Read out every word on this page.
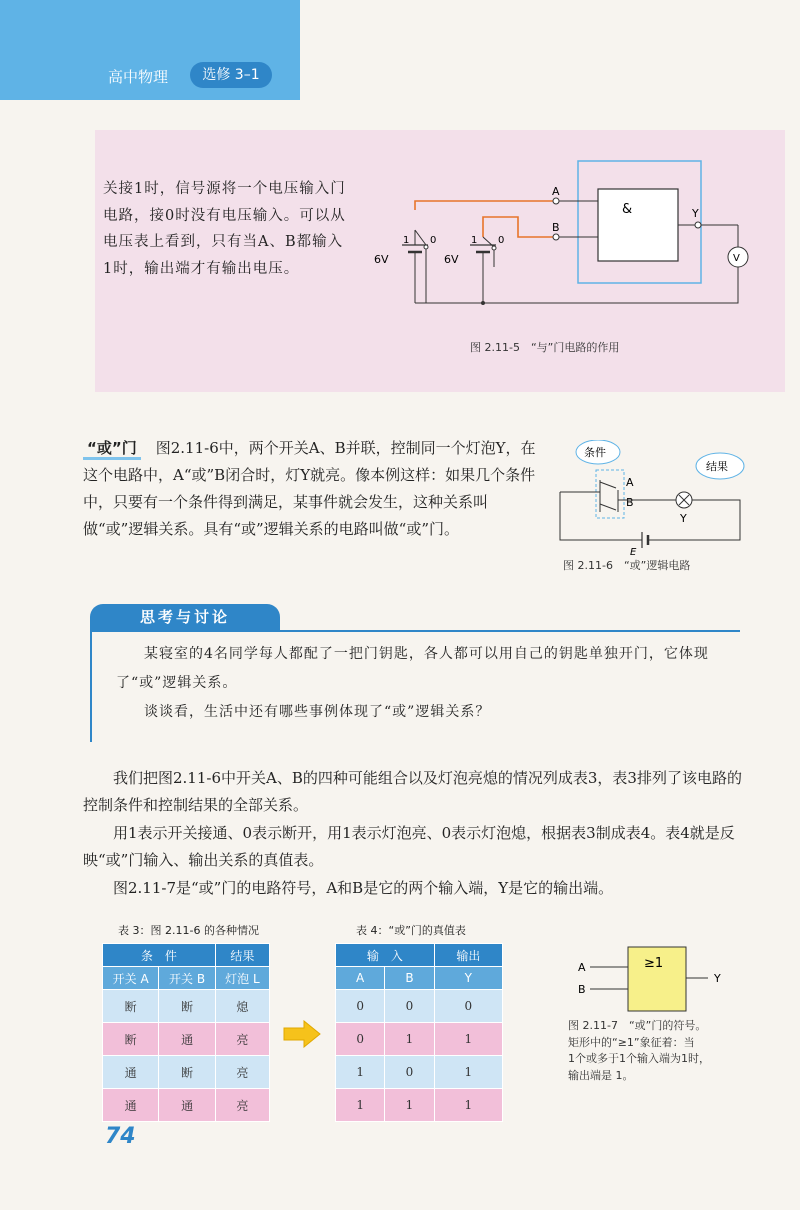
高中物理	选修 3–1
关接1时，信号源将一个电压输入门电路，接0时没有电压输入。可以从电压表上看到，只有当A、B都输入1时，输出端才有输出电压。
&
A
B
Y
V
6V
1 0
6V
1 0
图 2.11-5　“与”门电路的作用
“或”门　 图2.11-6中，两个开关A、B并联，控制同一个灯泡Y，在这个电路中，A“或”B闭合时，灯Y就亮。像本例这样：如果几个条件中，只要有一个条件得到满足，某事件就会发生，这种关系叫做“或”逻辑关系。具有“或”逻辑关系的电路叫做“或”门。
条件
结果
A
B
Y
E
图 2.11-6　“或”逻辑电路
思考与讨论

某寝室的4名同学每人都配了一把门钥匙，各人都可以用自己的钥匙单独开门，它体现了“或”逻辑关系。

谈谈看，生活中还有哪些事例体现了“或”逻辑关系？

我们把图2.11-6中开关A、B的四种可能组合以及灯泡亮熄的情况列成表3，表3排列了该电路的控制条件和控制结果的全部关系。
用1表示开关接通、0表示断开，用1表示灯泡亮、0表示灯泡熄，根据表3制成表4。表4就是反映“或”门输入、输出关系的真值表。
图2.11-7是“或”门的电路符号，A和B是它的两个输入端，Y是它的输出端。
表 3：图 2.11-6 的各种情况
条　件		结果
开关 A	开关 B	灯泡 L
断	断	熄
断	通	亮
通	断	亮
通	通	亮
表 4：“或”门的真值表
输　入		输出
A	B	Y
0	0	0
0	1	1
1	0	1
1	1	1
≥1
A
B
Y
图 2.11-7　“或”门的符号。
矩形中的“≥1”象征着：当
1个或多于1个输入端为1时，
输出端是 1。
74
